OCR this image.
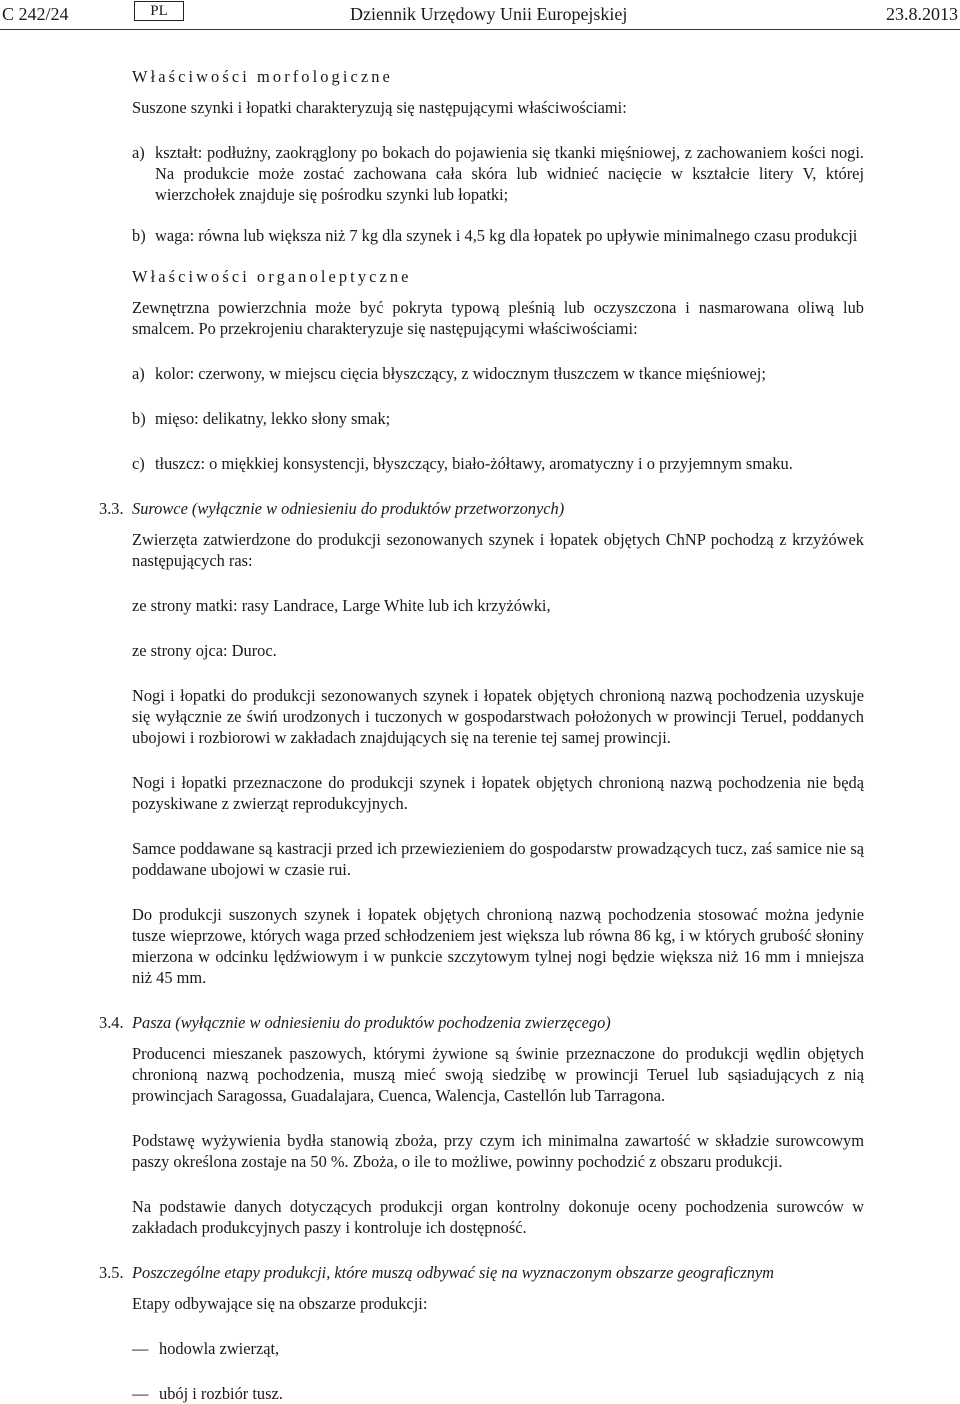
C 242/24	PL	Dziennik Urzędowy Unii Europejskiej	23.8.2013

Właściwości morfologiczne

Suszone szynki i łopatki charakteryzują się następującymi właściwościami:

a) kształt: podłużny, zaokrąglony po bokach do pojawienia się tkanki mięśniowej, z zachowaniem kości nogi. Na produkcie może zostać zachowana cała skóra lub widnieć nacięcie w kształcie litery V, której wierzchołek znajduje się pośrodku szynki lub łopatki;
b) waga: równa lub większa niż 7 kg dla szynek i 4,5 kg dla łopatek po upływie minimalnego czasu produkcji

Właściwości organoleptyczne

Zewnętrzna powierzchnia może być pokryta typową pleśnią lub oczyszczona i nasmarowana oliwą lub smalcem. Po przekrojeniu charakteryzuje się następującymi właściwościami:

a) kolor: czerwony, w miejscu cięcia błyszczący, z widocznym tłuszczem w tkance mięśniowej;
b) mięso: delikatny, lekko słony smak;
c) tłuszcz: o miękkiej konsystencji, błyszczący, biało-żółtawy, aromatyczny i o przyjemnym smaku.
3.3. Surowce (wyłącznie w odniesieniu do produktów przetworzonych)

Zwierzęta zatwierdzone do produkcji sezonowanych szynek i łopatek objętych ChNP pochodzą z krzyżówek następujących ras:

ze strony matki: rasy Landrace, Large White lub ich krzyżówki,

ze strony ojca: Duroc.

Nogi i łopatki do produkcji sezonowanych szynek i łopatek objętych chronioną nazwą pochodzenia uzyskuje się wyłącznie ze świń urodzonych i tuczonych w gospodarstwach położonych w prowincji Teruel, poddanych ubojowi i rozbiorowi w zakładach znajdujących się na terenie tej samej prowincji.

Nogi i łopatki przeznaczone do produkcji szynek i łopatek objętych chronioną nazwą pochodzenia nie będą pozyskiwane z zwierząt reprodukcyjnych.

Samce poddawane są kastracji przed ich przewiezieniem do gospodarstw prowadzących tucz, zaś samice nie są poddawane ubojowi w czasie rui.

Do produkcji suszonych szynek i łopatek objętych chronioną nazwą pochodzenia stosować można jedynie tusze wieprzowe, których waga przed schłodzeniem jest większa lub równa 86 kg, i w których grubość słoniny mierzona w odcinku lędźwiowym i w punkcie szczytowym tylnej nogi będzie większa niż 16 mm i mniejsza niż 45 mm.

3.4. Pasza (wyłącznie w odniesieniu do produktów pochodzenia zwierzęcego)

Producenci mieszanek paszowych, którymi żywione są świnie przeznaczone do produkcji wędlin objętych chronioną nazwą pochodzenia, muszą mieć swoją siedzibę w prowincji Teruel lub sąsiadujących z nią prowincjach Saragossa, Guadalajara, Cuenca, Walencja, Castellón lub Tarragona.

Podstawę wyżywienia bydła stanowią zboża, przy czym ich minimalna zawartość w składzie surowcowym paszy określona zostaje na 50 %. Zboża, o ile to możliwe, powinny pochodzić z obszaru produkcji.

Na podstawie danych dotyczących produkcji organ kontrolny dokonuje oceny pochodzenia surowców w zakładach produkcyjnych paszy i kontroluje ich dostępność.

3.5. Poszczególne etapy produkcji, które muszą odbywać się na wyznaczonym obszarze geograficznym

Etapy odbywające się na obszarze produkcji:

— hodowla zwierząt,
— ubój i rozbiór tusz.
